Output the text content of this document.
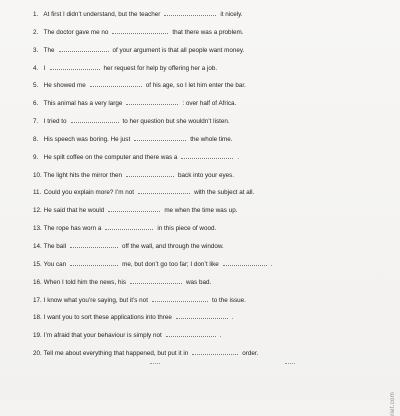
1. At first I didn’t understand, but the teacher	it nicely.
2. The doctor gave me no	that there was a problem.
3. The	of your argument is that all people want money.
4. I	her request for help by offering her a job.
5. He showed me	of his age, so I let him enter the bar.
6. This animal has a very large	: over half of Africa.
7. I tried to	to her question but she wouldn’t listen.
8. His speech was boring. He just	the whole time.
9. He spilt coffee on the computer and there was a	.
10. The light hits the mirror then	back into your eyes.
11. Could you explain more? I’m not	with the subject at all.
12. He said that he would	me when the time was up.
13. The rope has worn a	in this piece of wood.
14. The ball	off the wall, and through the window.
15. You can	me, but don’t go too far; I don’t like	.
16. When I told him the news, his	was bad.
17. I know what you’re saying, but it’s not	to the issue.
18. I want you to sort these applications into three	.
19. I’m afraid that your behaviour is simply not	.
20. Tell me about everything that happened, but put it in	order.
riet.com
